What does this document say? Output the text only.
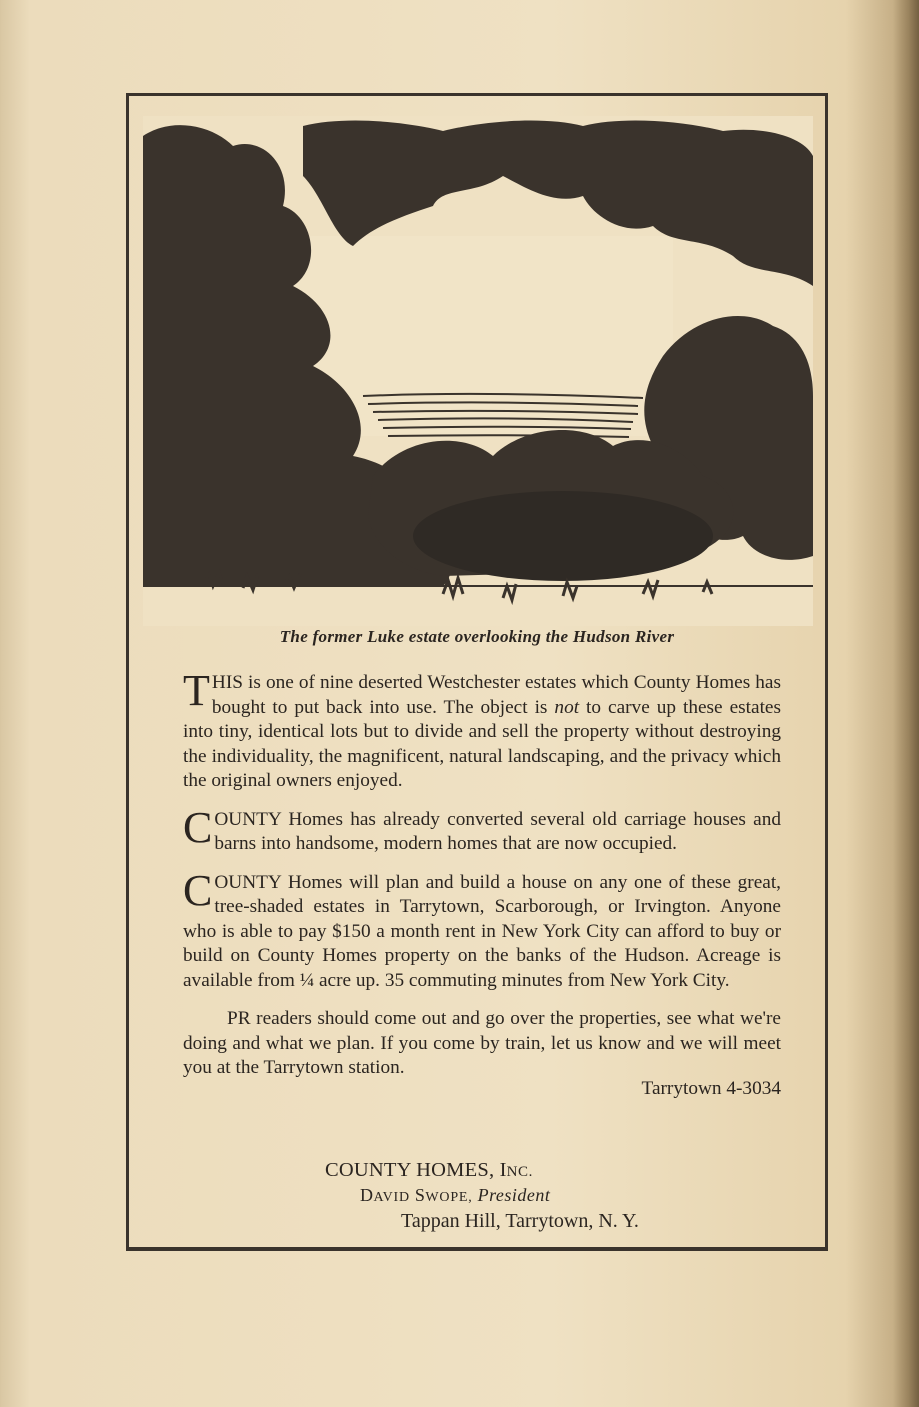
The former Luke estate overlooking the Hudson River

THIS is one of nine deserted Westchester estates which County Homes has bought to put back into use. The object is not to carve up these estates into tiny, identical lots but to divide and sell the property without destroying the individuality, the magnificent, natural landscaping, and the privacy which the original owners enjoyed.

COUNTY Homes has already converted several old carriage houses and barns into handsome, modern homes that are now occupied.

COUNTY Homes will plan and build a house on any one of these great, tree-shaded estates in Tarrytown, Scarborough, or Irvington. Anyone who is able to pay $150 a month rent in New York City can afford to buy or build on County Homes property on the banks of the Hudson. Acreage is available from ¼ acre up. 35 commuting minutes from New York City.

PR readers should come out and go over the properties, see what we're doing and what we plan. If you come by train, let us know and we will meet you at the Tarrytown station.

Tarrytown 4-3034
COUNTY HOMES, INC.
DAVID SWOPE, President
Tappan Hill, Tarrytown, N. Y.
